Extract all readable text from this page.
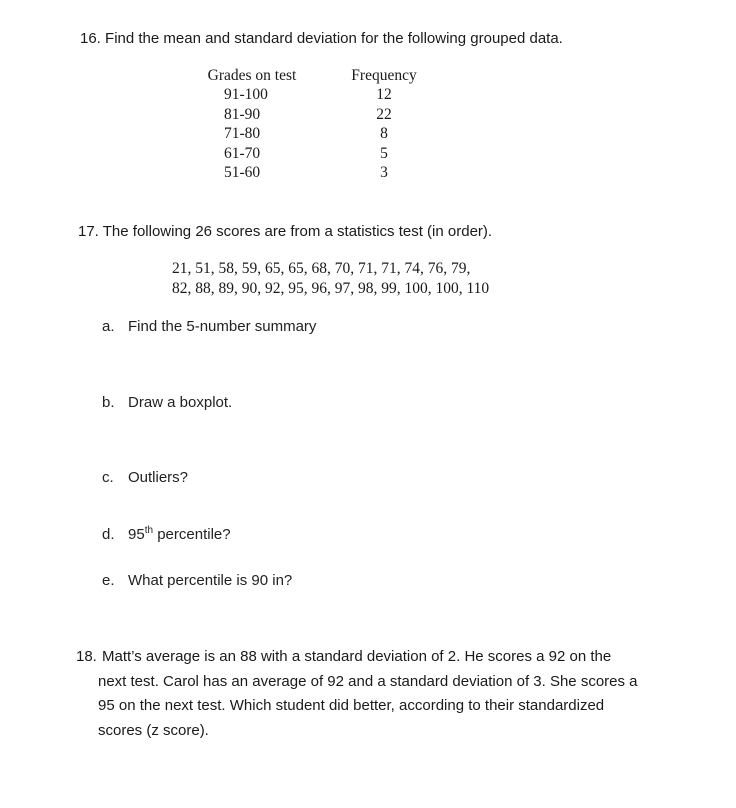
16. Find the mean and standard deviation for the following grouped data.
Grades on test		Frequency
91-100		12
81-90		22
71-80		8
61-70		5
51-60		3
17. The following 26 scores are from a statistics test (in order).
21, 51, 58, 59, 65, 65, 68, 70, 71, 71, 74, 76, 79,
82, 88, 89, 90, 92, 95, 96, 97, 98, 99, 100, 100, 110
a. Find the 5-number summary
b. Draw a boxplot.
c. Outliers?
d. 95th percentile?
e. What percentile is 90 in?
18. Matt’s average is an 88 with a standard deviation of 2. He scores a 92 on the
next test. Carol has an average of 92 and a standard deviation of 3. She scores a
95 on the next test. Which student did better, according to their standardized
scores (z score).
